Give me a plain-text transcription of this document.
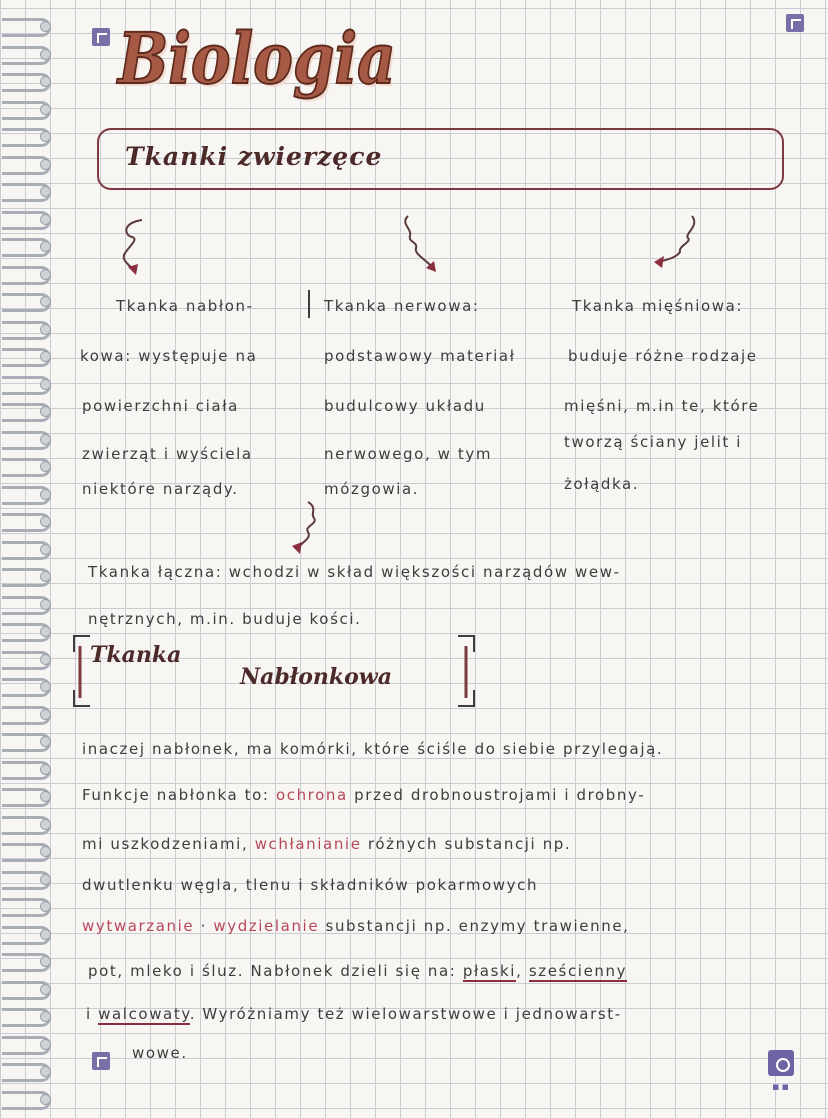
▪▪
Biologia
Tkanki zwierzęce
Tkanka nabłon-
kowa: występuje na
powierzchni ciała
zwierząt i wyściela
niektóre narządy.
Tkanka nerwowa:
podstawowy materiał
budulcowy układu
nerwowego, w tym
mózgowia.
Tkanka mięśniowa:
buduje różne rodzaje
mięśni, m.in te, które
tworzą ściany jelit i
żołądka.
Tkanka łączna: wchodzi w skład większości narządów wew-
nętrznych, m.in. buduje kości.
Tkanka
Nabłonkowa
inaczej nabłonek, ma komórki, które ściśle do siebie przylegają.
Funkcje nabłonka to: ochrona przed drobnoustrojami i drobny-
mi uszkodzeniami, wchłanianie różnych substancji np.
dwutlenku węgla, tlenu i składników pokarmowych
wytwarzanie · wydzielanie substancji np. enzymy trawienne,
pot, mleko i śluz. Nabłonek dzieli się na: płaski, sześcienny
i walcowaty. Wyróżniamy też wielowarstwowe i jednowarst-
wowe.
